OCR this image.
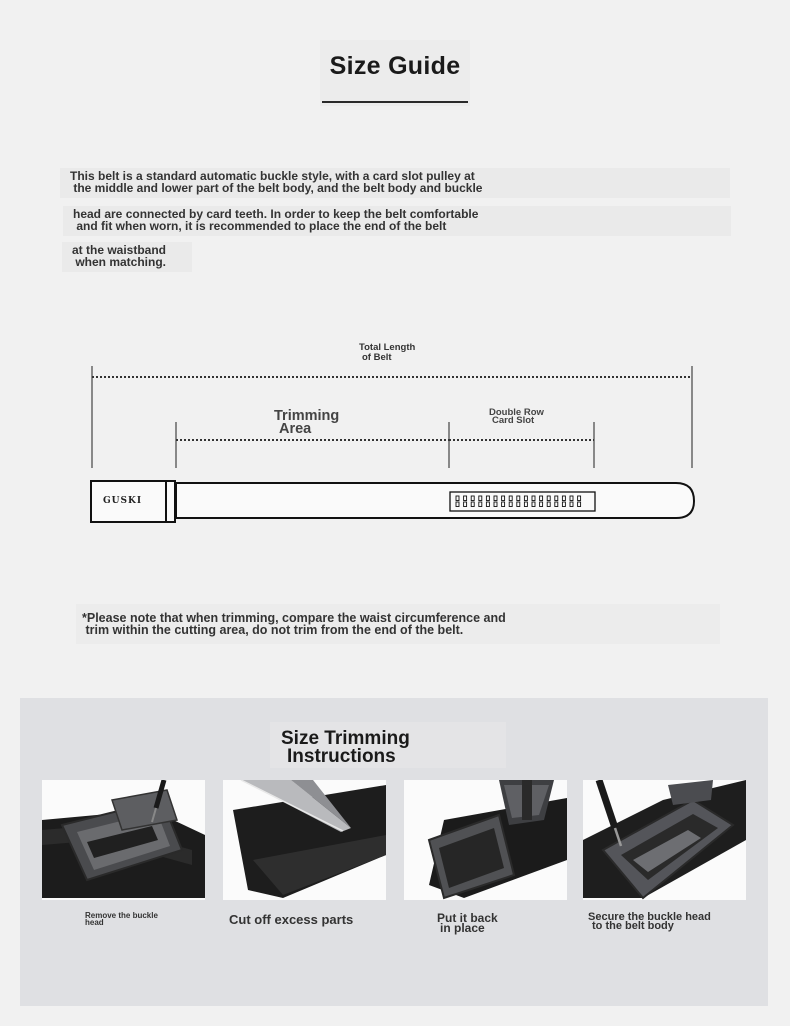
Size Guide
This belt is a standard automatic buckle style, with a card slot pulley at
the middle and lower part of the belt body, and the belt body and buckle
head are connected by card teeth. In order to keep the belt comfortable
and fit when worn, it is recommended to place the end of the belt
at the waistband
when matching.
Total Length
of Belt
Trimming
Area
Double Row
Card Slot
GUSKI
*Please note that when trimming, compare the waist circumference and
trim within the cutting area, do not trim from the end of the belt.
Size Trimming
Instructions
Remove the buckle
head	Cut off excess parts	Put it back
in place
Secure the buckle head
to the belt body
